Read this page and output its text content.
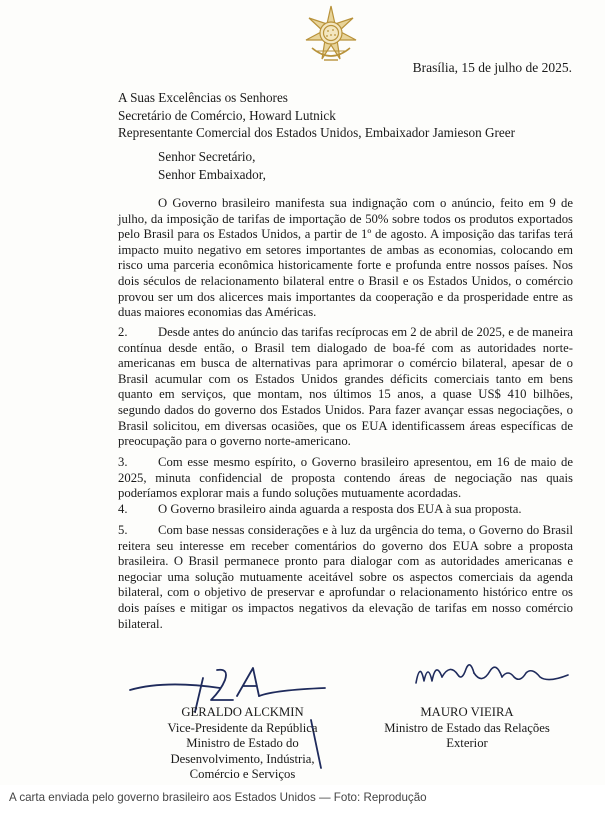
Brasília, 15 de julho de 2025.
A Suas Excelências os Senhores
Secretário de Comércio, Howard Lutnick
Representante Comercial dos Estados Unidos, Embaixador Jamieson Greer
Senhor Secretário,
Senhor Embaixador,
O Governo brasileiro manifesta sua indignação com o anúncio, feito em 9 de julho, da imposição de tarifas de importação de 50% sobre todos os produtos exportados pelo Brasil para os Estados Unidos, a partir de 1º de agosto. A imposição das tarifas terá impacto muito negativo em setores importantes de ambas as economias, colocando em risco uma parceria econômica historicamente forte e profunda entre nossos países. Nos dois séculos de relacionamento bilateral entre o Brasil e os Estados Unidos, o comércio provou ser um dos alicerces mais importantes da cooperação e da prosperidade entre as duas maiores economias das Américas.
2. Desde antes do anúncio das tarifas recíprocas em 2 de abril de 2025, e de maneira contínua desde então, o Brasil tem dialogado de boa-fé com as autoridades norte-americanas em busca de alternativas para aprimorar o comércio bilateral, apesar de o Brasil acumular com os Estados Unidos grandes déficits comerciais tanto em bens quanto em serviços, que montam, nos últimos 15 anos, a quase US$ 410 bilhões, segundo dados do governo dos Estados Unidos. Para fazer avançar essas negociações, o Brasil solicitou, em diversas ocasiões, que os EUA identificassem áreas específicas de preocupação para o governo norte-americano.
3. Com esse mesmo espírito, o Governo brasileiro apresentou, em 16 de maio de 2025, minuta confidencial de proposta contendo áreas de negociação nas quais poderíamos explorar mais a fundo soluções mutuamente acordadas.
4. O Governo brasileiro ainda aguarda a resposta dos EUA à sua proposta.
5. Com base nessas considerações e à luz da urgência do tema, o Governo do Brasil reitera seu interesse em receber comentários do governo dos EUA sobre a proposta brasileira. O Brasil permanece pronto para dialogar com as autoridades americanas e negociar uma solução mutuamente aceitável sobre os aspectos comerciais da agenda bilateral, com o objetivo de preservar e aprofundar o relacionamento histórico entre os dois países e mitigar os impactos negativos da elevação de tarifas em nosso comércio bilateral.
GERALDO ALCKMIN
Vice-Presidente da República
Ministro de Estado do
Desenvolvimento, Indústria,
Comércio e Serviços
MAURO VIEIRA
Ministro de Estado das Relações
Exterior
A carta enviada pelo governo brasileiro aos Estados Unidos — Foto: Reprodução
